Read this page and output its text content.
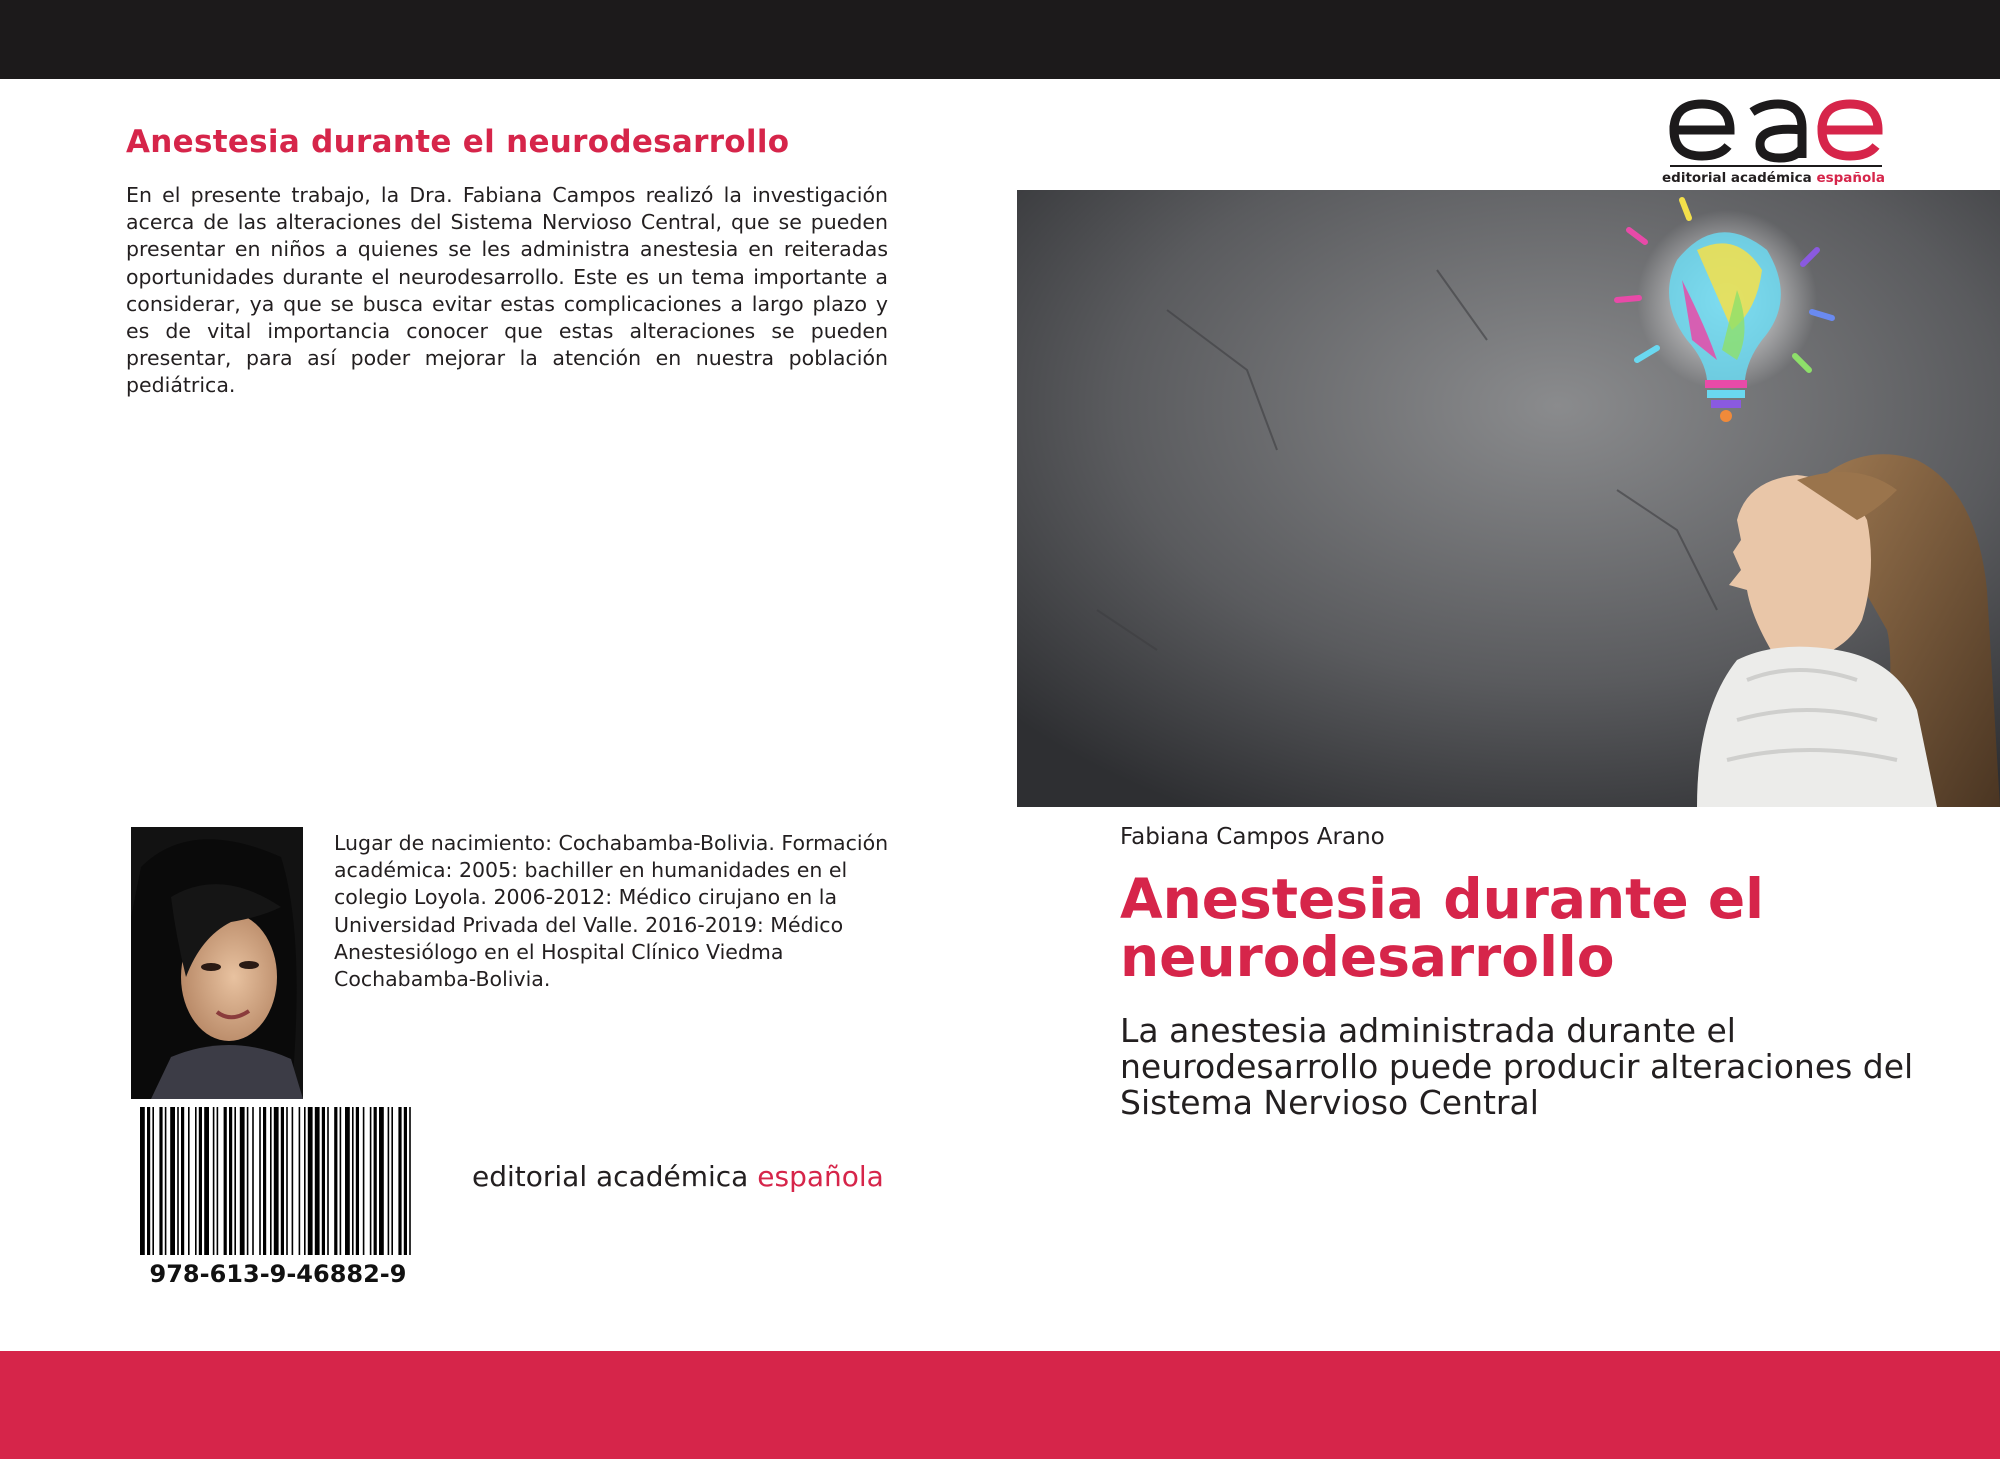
Anestesia durante el neurodesarrollo

En el presente trabajo, la Dra. Fabiana Campos realizó la investigación acerca de las alteraciones del Sistema Nervioso Central, que se pueden presentar en niños a quienes se les administra anestesia en reiteradas oportunidades durante el neurodesarrollo. Este es un tema importante a considerar, ya que se busca evitar estas complicaciones a largo plazo y es de vital importancia conocer que estas alteraciones se pueden presentar, para así poder mejorar la atención en nuestra población pediátrica.

Lugar de nacimiento: Cochabamba-Bolivia. Formación académica: 2005: bachiller en humanidades en el colegio Loyola. 2006-2012: Médico cirujano en la Universidad Privada del Valle. 2016-2019: Médico Anestesiólogo en el Hospital Clínico Viedma Cochabamba-Bolivia.

978-613-9-46882-9
editorial académica española
editorial académica española
Fabiana Campos Arano
Anestesia durante el neurodesarrollo

La anestesia administrada durante el neurodesarrollo puede producir alteraciones del Sistema Nervioso Central
